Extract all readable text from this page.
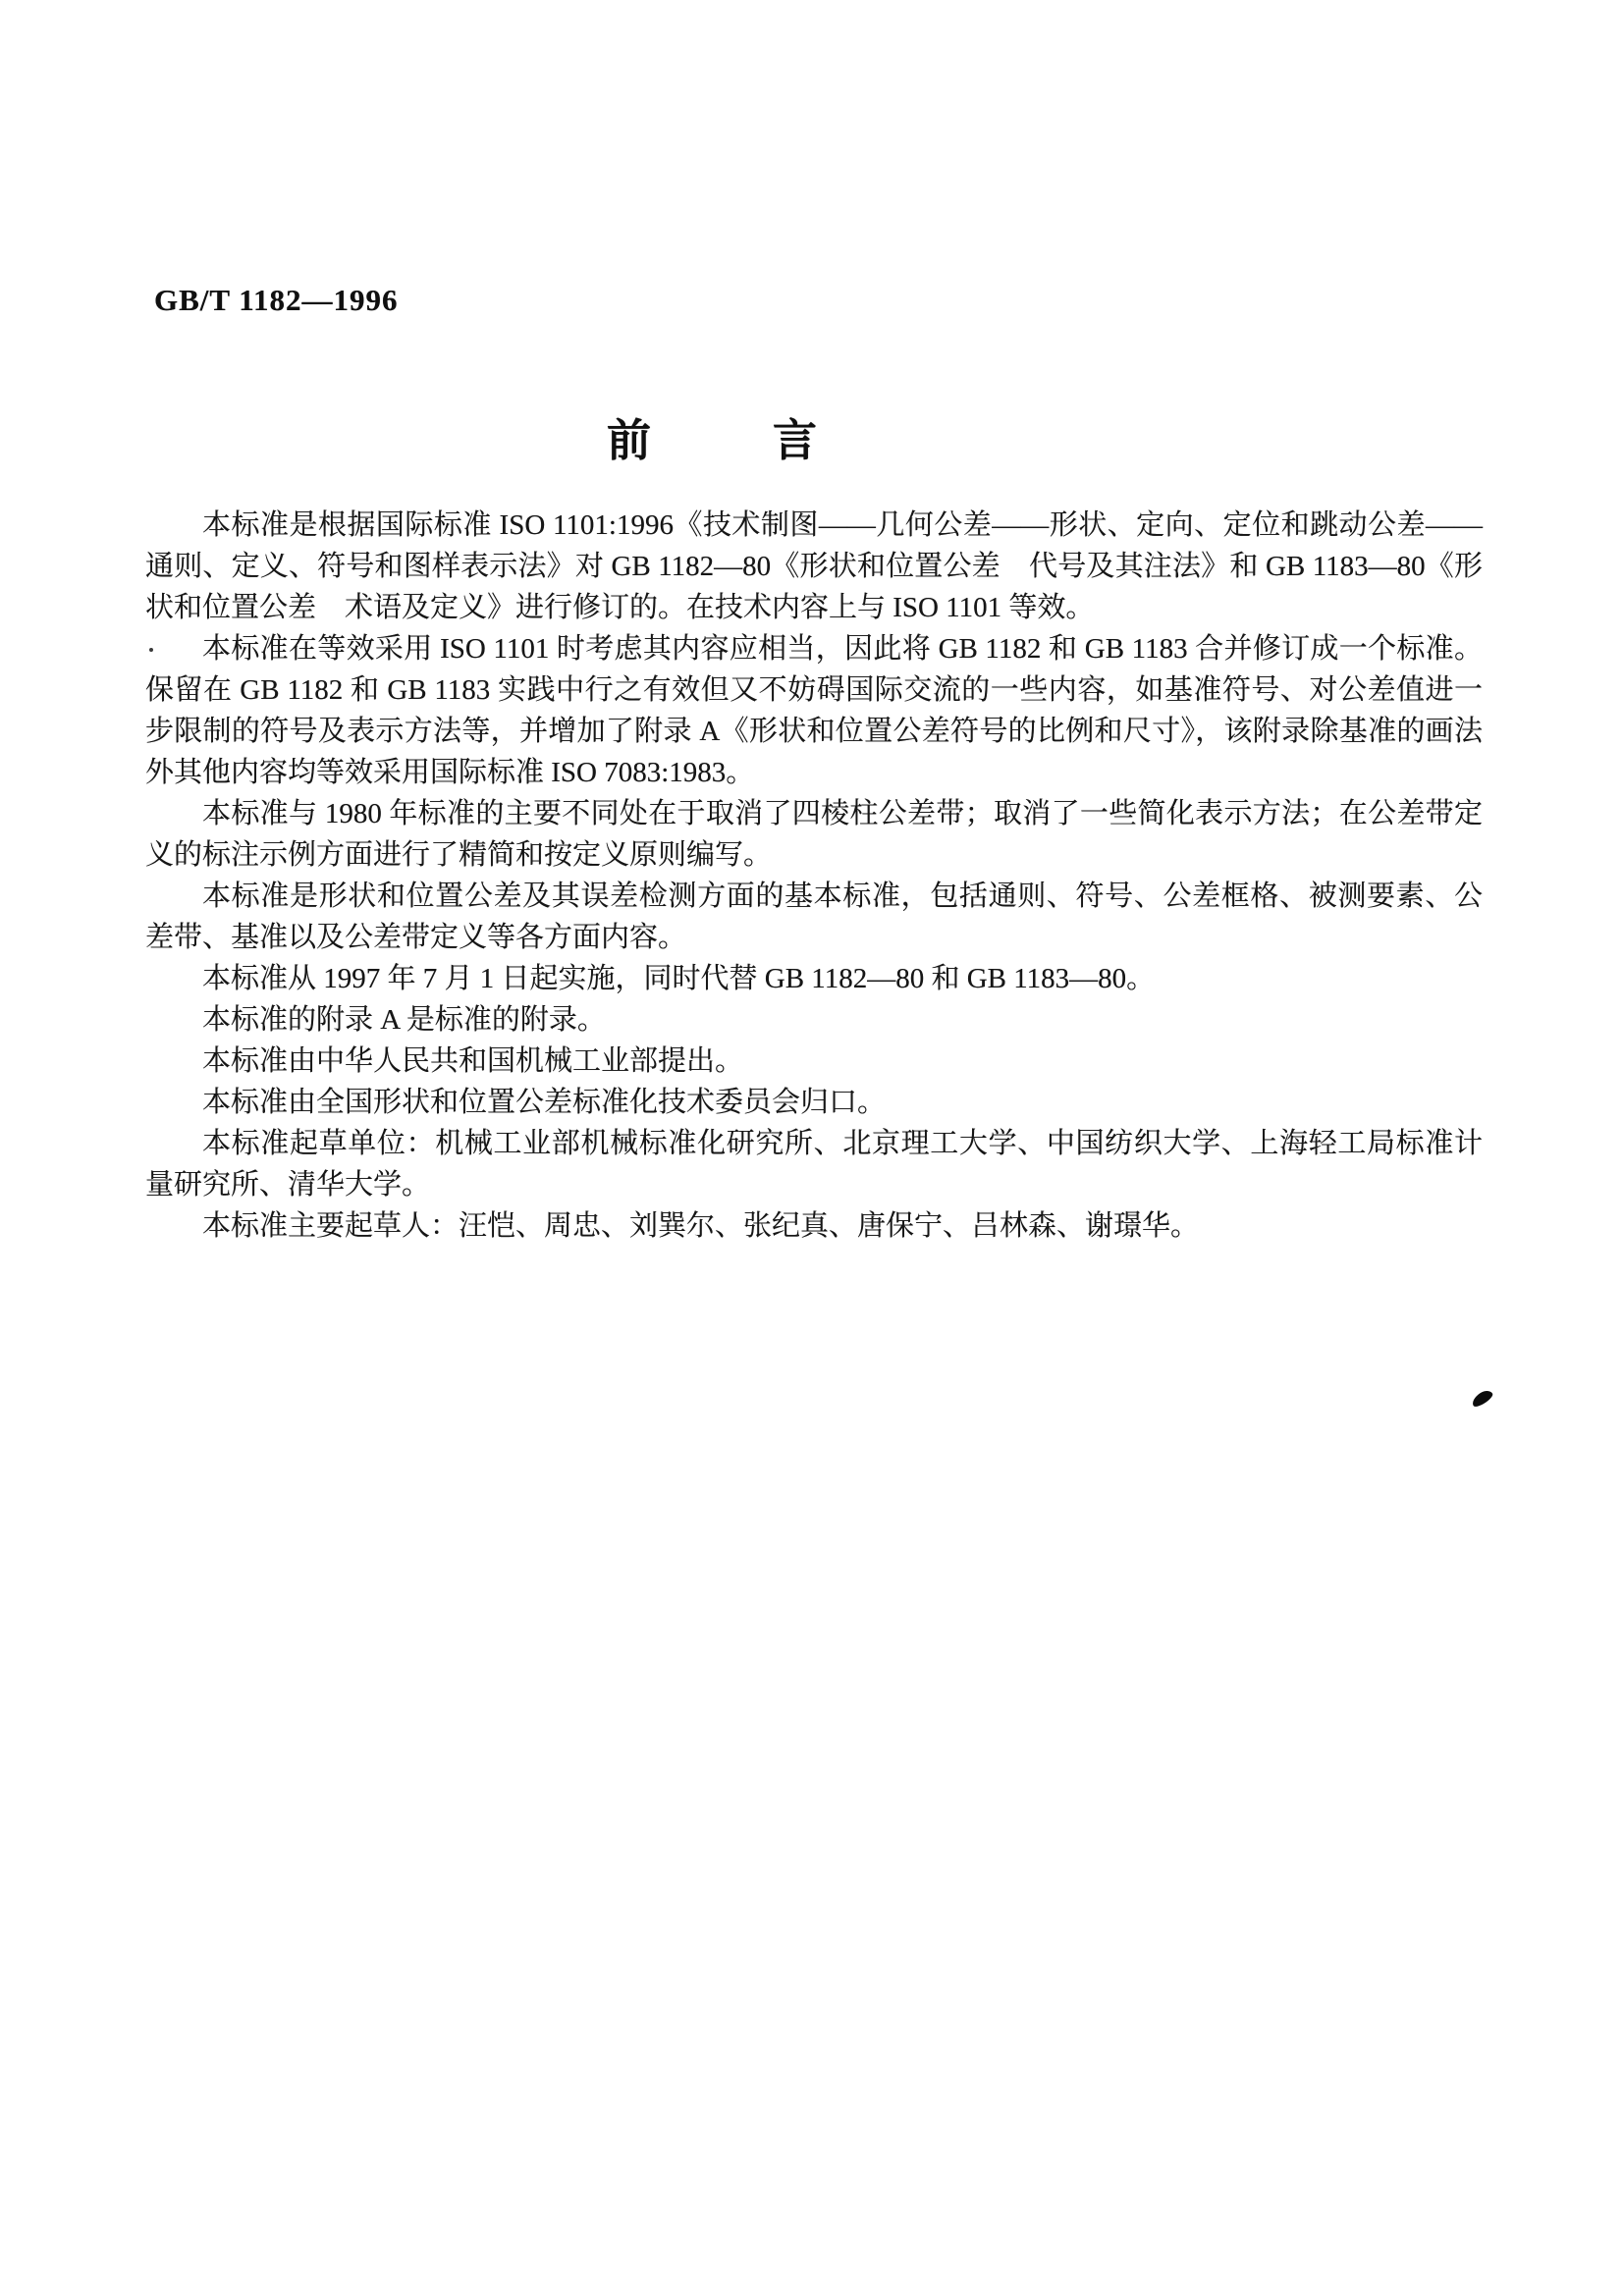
GB/T 1182—1996
前言

本标准是根据国际标准 ISO 1101:1996《技术制图——几何公差——形状、定向、定位和跳动公差——通则、定义、符号和图样表示法》对 GB 1182—80《形状和位置公差　代号及其注法》和 GB 1183—80《形状和位置公差　术语及定义》进行修订的。在技术内容上与 ISO 1101 等效。

本标准在等效采用 ISO 1101 时考虑其内容应相当，因此将 GB 1182 和 GB 1183 合并修订成一个标准。保留在 GB 1182 和 GB 1183 实践中行之有效但又不妨碍国际交流的一些内容，如基准符号、对公差值进一步限制的符号及表示方法等，并增加了附录 A《形状和位置公差符号的比例和尺寸》，该附录除基准的画法外其他内容均等效采用国际标准 ISO 7083:1983。

本标准与 1980 年标准的主要不同处在于取消了四棱柱公差带；取消了一些简化表示方法；在公差带定义的标注示例方面进行了精简和按定义原则编写。

本标准是形状和位置公差及其误差检测方面的基本标准，包括通则、符号、公差框格、被测要素、公差带、基准以及公差带定义等各方面内容。

本标准从 1997 年 7 月 1 日起实施，同时代替 GB 1182—80 和 GB 1183—80。

本标准的附录 A 是标准的附录。

本标准由中华人民共和国机械工业部提出。

本标准由全国形状和位置公差标准化技术委员会归口。

本标准起草单位：机械工业部机械标准化研究所、北京理工大学、中国纺织大学、上海轻工局标准计量研究所、清华大学。

本标准主要起草人：汪恺、周忠、刘巽尔、张纪真、唐保宁、吕林森、谢璟华。
